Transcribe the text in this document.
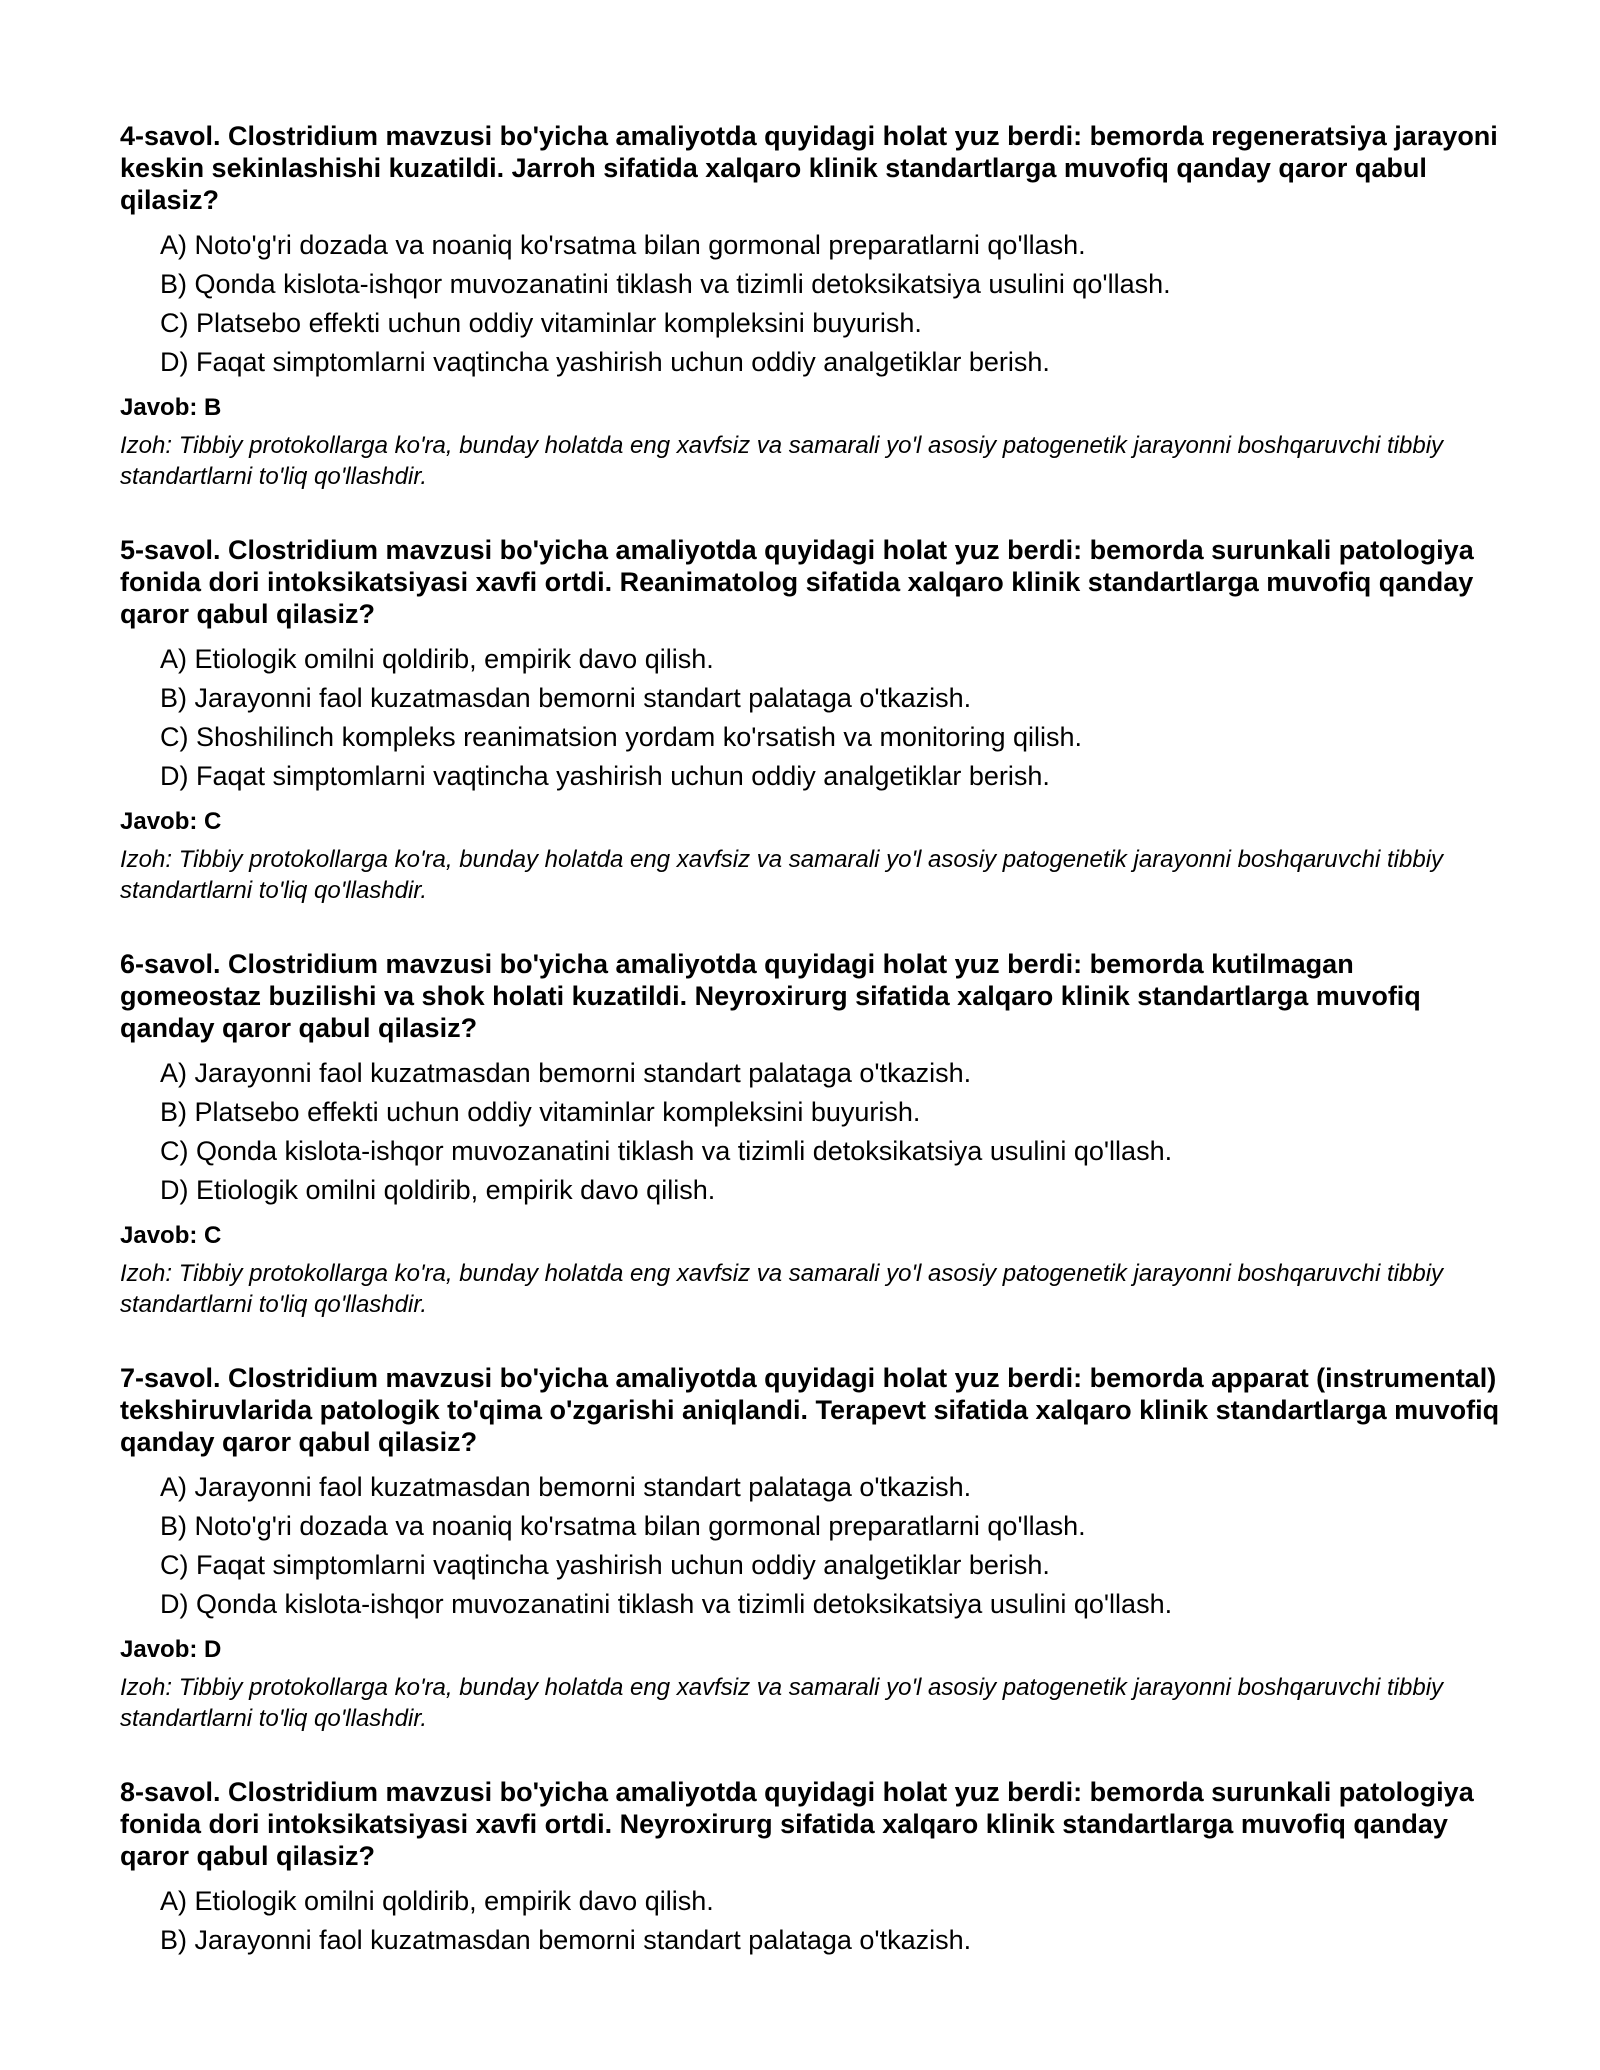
4-savol. Clostridium mavzusi bo'yicha amaliyotda quyidagi holat yuz berdi: bemorda regeneratsiya jarayoni keskin sekinlashishi kuzatildi. Jarroh sifatida xalqaro klinik standartlarga muvofiq qanday qaror qabul qilasiz?

A) Noto'g'ri dozada va noaniq ko'rsatma bilan gormonal preparatlarni qo'llash.
B) Qonda kislota-ishqor muvozanatini tiklash va tizimli detoksikatsiya usulini qo'llash.
C) Platsebo effekti uchun oddiy vitaminlar kompleksini buyurish.
D) Faqat simptomlarni vaqtincha yashirish uchun oddiy analgetiklar berish.

Javob: B

Izoh: Tibbiy protokollarga ko'ra, bunday holatda eng xavfsiz va samarali yo'l asosiy patogenetik jarayonni boshqaruvchi tibbiy standartlarni to'liq qo'llashdir.

5-savol. Clostridium mavzusi bo'yicha amaliyotda quyidagi holat yuz berdi: bemorda surunkali patologiya fonida dori intoksikatsiyasi xavfi ortdi. Reanimatolog sifatida xalqaro klinik standartlarga muvofiq qanday qaror qabul qilasiz?

A) Etiologik omilni qoldirib, empirik davo qilish.
B) Jarayonni faol kuzatmasdan bemorni standart palataga o'tkazish.
C) Shoshilinch kompleks reanimatsion yordam ko'rsatish va monitoring qilish.
D) Faqat simptomlarni vaqtincha yashirish uchun oddiy analgetiklar berish.

Javob: C

Izoh: Tibbiy protokollarga ko'ra, bunday holatda eng xavfsiz va samarali yo'l asosiy patogenetik jarayonni boshqaruvchi tibbiy standartlarni to'liq qo'llashdir.

6-savol. Clostridium mavzusi bo'yicha amaliyotda quyidagi holat yuz berdi: bemorda kutilmagan gomeostaz buzilishi va shok holati kuzatildi. Neyroxirurg sifatida xalqaro klinik standartlarga muvofiq qanday qaror qabul qilasiz?

A) Jarayonni faol kuzatmasdan bemorni standart palataga o'tkazish.
B) Platsebo effekti uchun oddiy vitaminlar kompleksini buyurish.
C) Qonda kislota-ishqor muvozanatini tiklash va tizimli detoksikatsiya usulini qo'llash.
D) Etiologik omilni qoldirib, empirik davo qilish.

Javob: C

Izoh: Tibbiy protokollarga ko'ra, bunday holatda eng xavfsiz va samarali yo'l asosiy patogenetik jarayonni boshqaruvchi tibbiy standartlarni to'liq qo'llashdir.

7-savol. Clostridium mavzusi bo'yicha amaliyotda quyidagi holat yuz berdi: bemorda apparat (instrumental) tekshiruvlarida patologik to'qima o'zgarishi aniqlandi. Terapevt sifatida xalqaro klinik standartlarga muvofiq qanday qaror qabul qilasiz?

A) Jarayonni faol kuzatmasdan bemorni standart palataga o'tkazish.
B) Noto'g'ri dozada va noaniq ko'rsatma bilan gormonal preparatlarni qo'llash.
C) Faqat simptomlarni vaqtincha yashirish uchun oddiy analgetiklar berish.
D) Qonda kislota-ishqor muvozanatini tiklash va tizimli detoksikatsiya usulini qo'llash.

Javob: D

Izoh: Tibbiy protokollarga ko'ra, bunday holatda eng xavfsiz va samarali yo'l asosiy patogenetik jarayonni boshqaruvchi tibbiy standartlarni to'liq qo'llashdir.

8-savol. Clostridium mavzusi bo'yicha amaliyotda quyidagi holat yuz berdi: bemorda surunkali patologiya fonida dori intoksikatsiyasi xavfi ortdi. Neyroxirurg sifatida xalqaro klinik standartlarga muvofiq qanday qaror qabul qilasiz?

A) Etiologik omilni qoldirib, empirik davo qilish.
B) Jarayonni faol kuzatmasdan bemorni standart palataga o'tkazish.
